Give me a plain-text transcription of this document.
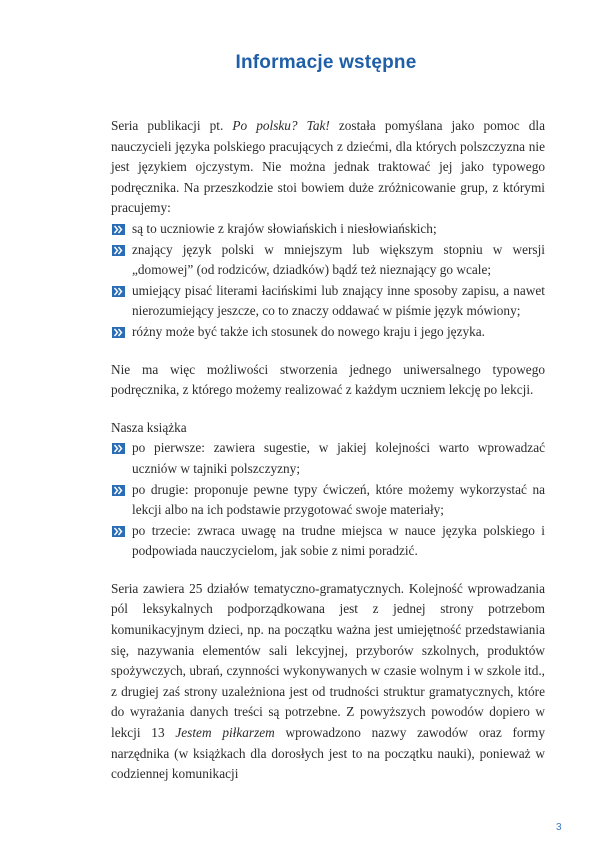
Informacje wstępne

Seria publikacji pt. Po polsku? Tak! została pomyślana jako pomoc dla nauczycieli języka polskiego pracujących z dziećmi, dla których polszczyzna nie jest językiem ojczystym. Nie można jednak traktować jej jako typowego podręcznika. Na przeszkodzie stoi bowiem duże zróżnicowanie grup, z którymi pracujemy:

są to uczniowie z krajów słowiańskich i niesłowiańskich;
znający język polski w mniejszym lub większym stopniu w wersji „domowej” (od rodziców, dziadków) bądź też nieznający go wcale;
umiejący pisać literami łacińskimi lub znający inne sposoby zapisu, a nawet nierozumiejący jeszcze, co to znaczy oddawać w piśmie język mówiony;
różny może być także ich stosunek do nowego kraju i jego języka.

Nie ma więc możliwości stworzenia jednego uniwersalnego typowego podręcznika, z którego możemy realizować z każdym uczniem lekcję po lekcji.

Nasza książka

po pierwsze: zawiera sugestie, w jakiej kolejności warto wprowadzać uczniów w tajniki polszczyzny;
po drugie: proponuje pewne typy ćwiczeń, które możemy wykorzystać na lekcji albo na ich podstawie przygotować swoje materiały;
po trzecie: zwraca uwagę na trudne miejsca w nauce języka polskiego i podpowiada nauczycielom, jak sobie z nimi poradzić.

Seria zawiera 25 działów tematyczno-gramatycznych. Kolejność wprowadzania pól leksykalnych podporządkowana jest z jednej strony potrzebom komunikacyjnym dzieci, np. na początku ważna jest umiejętność przedstawiania się, nazywania elementów sali lekcyjnej, przyborów szkolnych, produktów spożywczych, ubrań, czynności wykonywanych w czasie wolnym i w szkole itd., z drugiej zaś strony uzależniona jest od trudności struktur gramatycznych, które do wyrażania danych treści są potrzebne. Z powyższych powodów dopiero w lekcji 13 Jestem piłkarzem wprowadzono nazwy zawodów oraz formy narzędnika (w książkach dla dorosłych jest to na początku nauki), ponieważ w codziennej komunikacji

3
